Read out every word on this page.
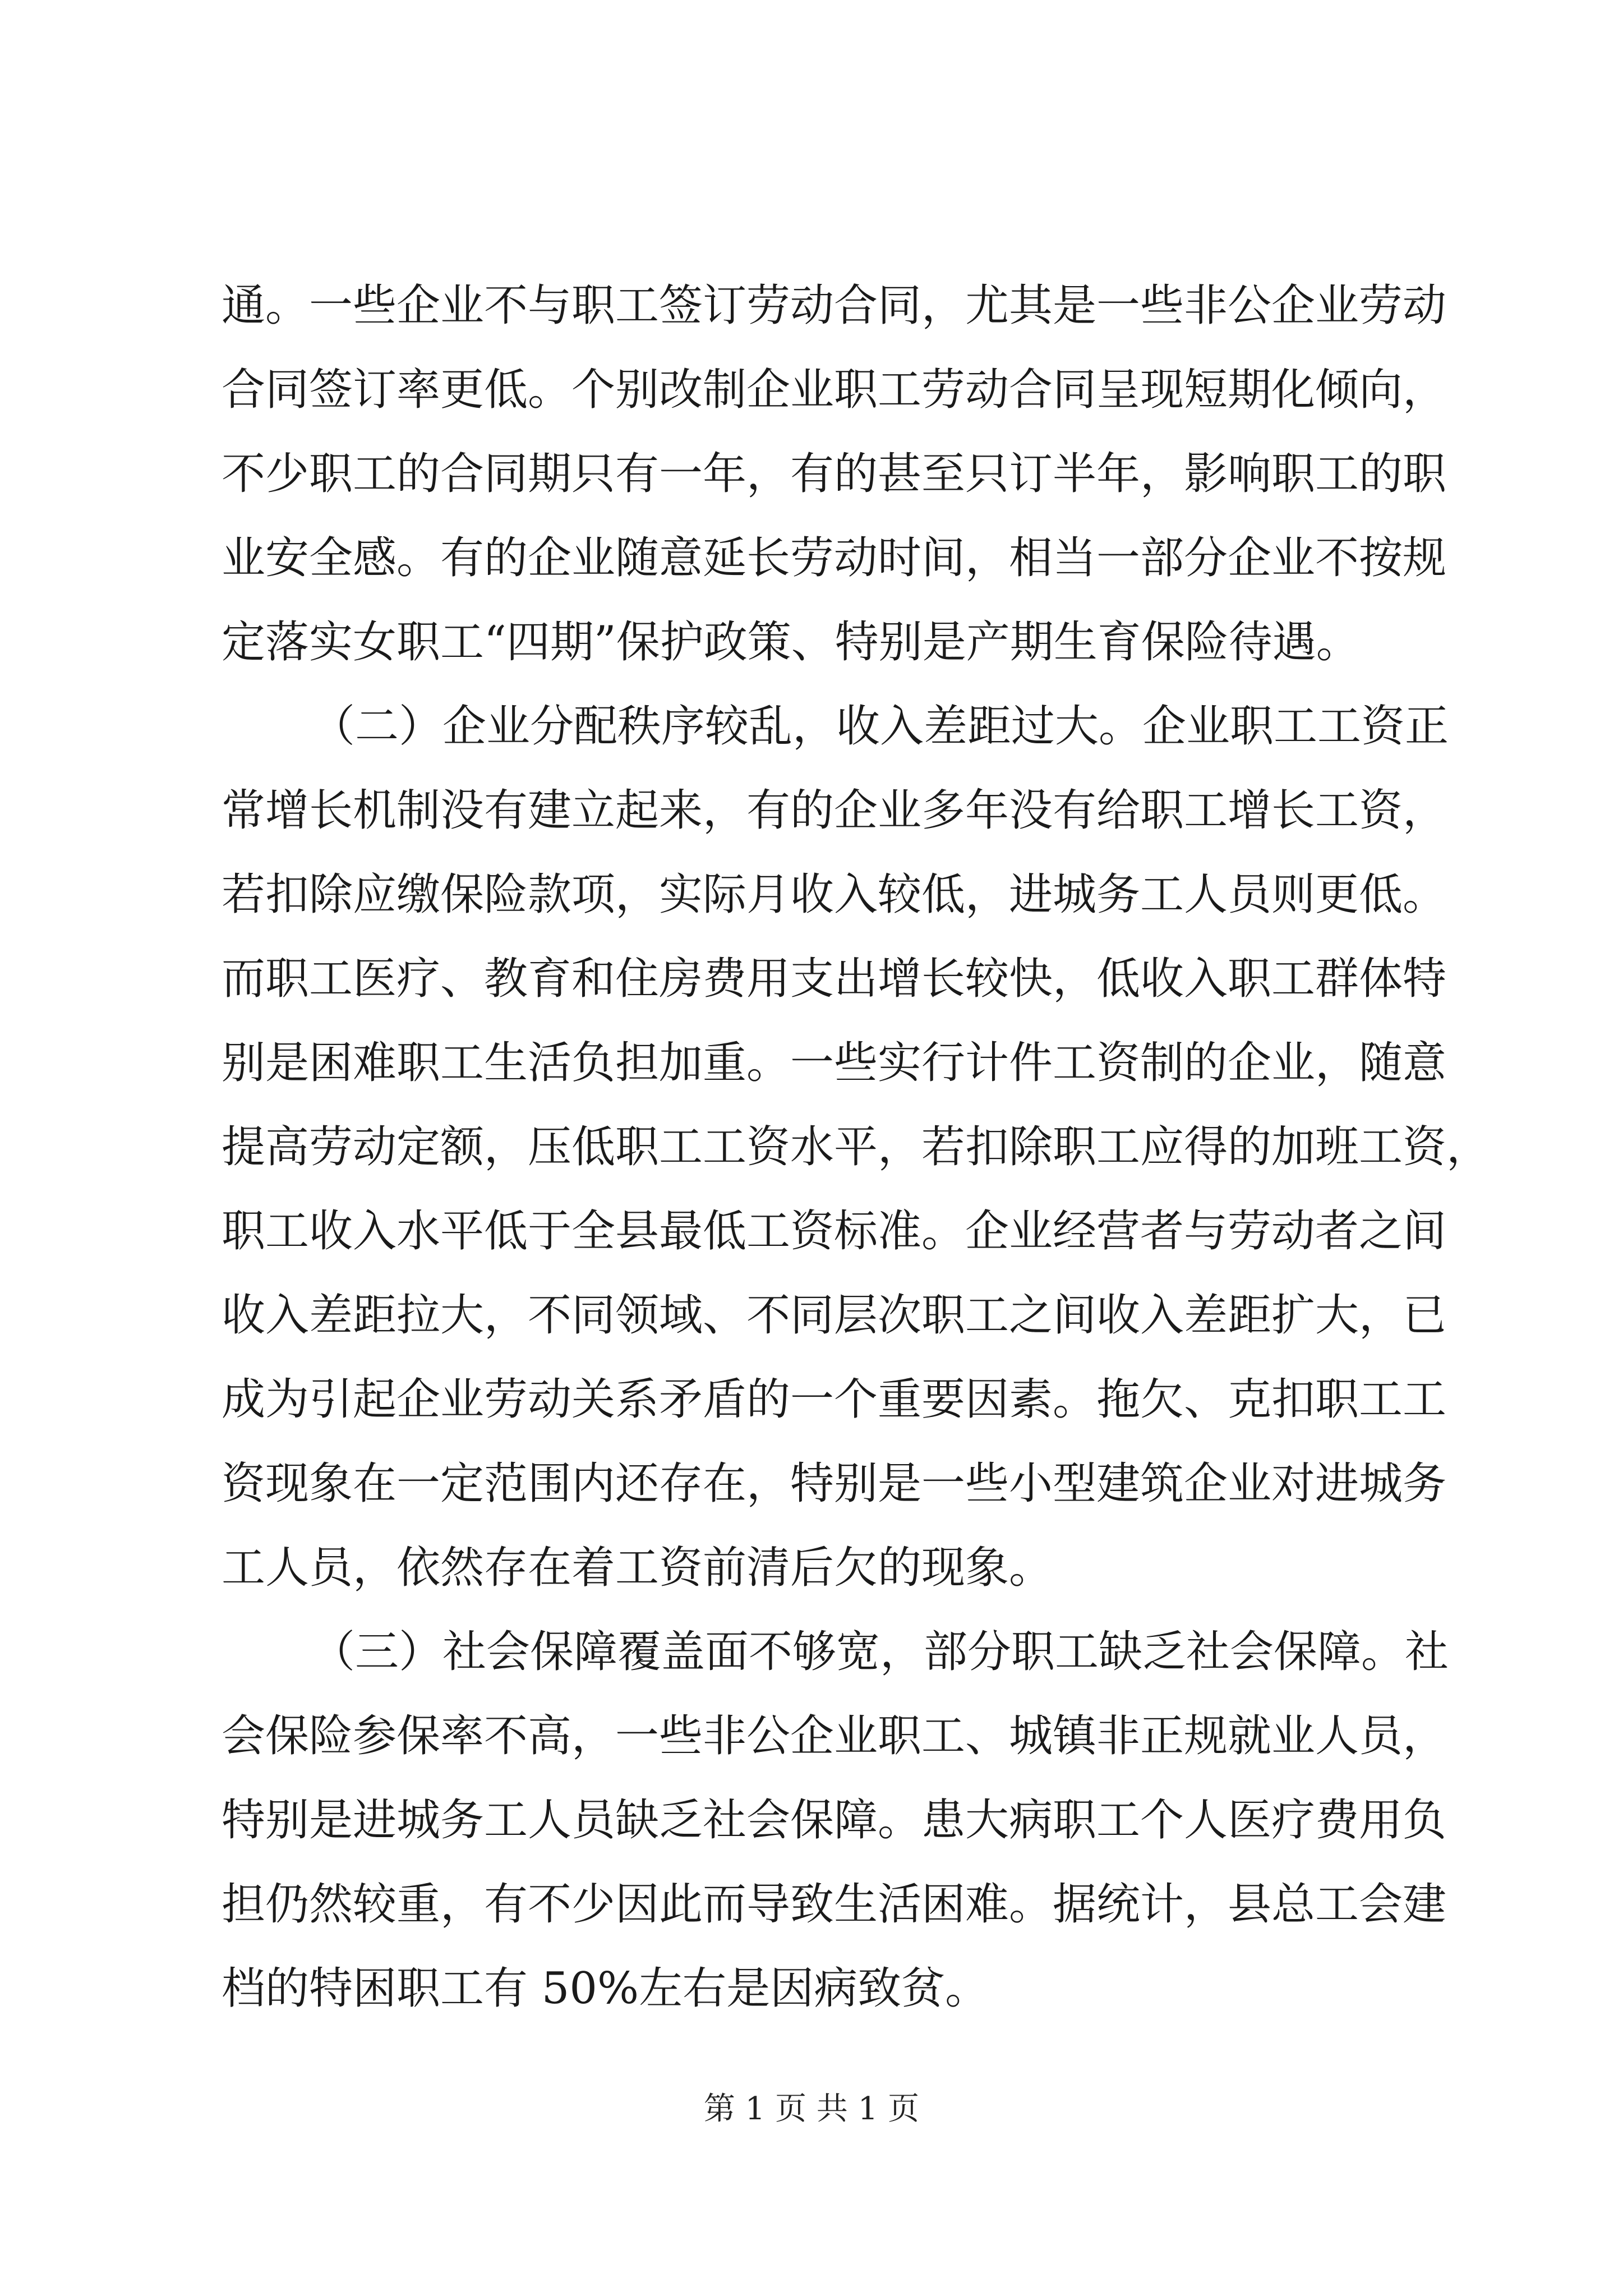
通。一些企业不与职工签订劳动合同，尤其是一些非公企业劳动
合同签订率更低。个别改制企业职工劳动合同呈现短期化倾向，
不少职工的合同期只有一年，有的甚至只订半年，影响职工的职
业安全感。有的企业随意延长劳动时间，相当一部分企业不按规
定落实女职工“四期”保护政策、特别是产期生育保险待遇。
（二）企业分配秩序较乱，收入差距过大。企业职工工资正
常增长机制没有建立起来，有的企业多年没有给职工增长工资，
若扣除应缴保险款项，实际月收入较低，进城务工人员则更低。
而职工医疗、教育和住房费用支出增长较快，低收入职工群体特
别是困难职工生活负担加重。一些实行计件工资制的企业，随意
提高劳动定额，压低职工工资水平，若扣除职工应得的加班工资，
职工收入水平低于全县最低工资标准。企业经营者与劳动者之间
收入差距拉大，不同领域、不同层次职工之间收入差距扩大，已
成为引起企业劳动关系矛盾的一个重要因素。拖欠、克扣职工工
资现象在一定范围内还存在，特别是一些小型建筑企业对进城务
工人员，依然存在着工资前清后欠的现象。
（三）社会保障覆盖面不够宽，部分职工缺乏社会保障。社
会保险参保率不高，一些非公企业职工、城镇非正规就业人员，
特别是进城务工人员缺乏社会保障。患大病职工个人医疗费用负
担仍然较重，有不少因此而导致生活困难。据统计，县总工会建
档的特困职工有 50%左右是因病致贫。
第 1 页 共 1 页
